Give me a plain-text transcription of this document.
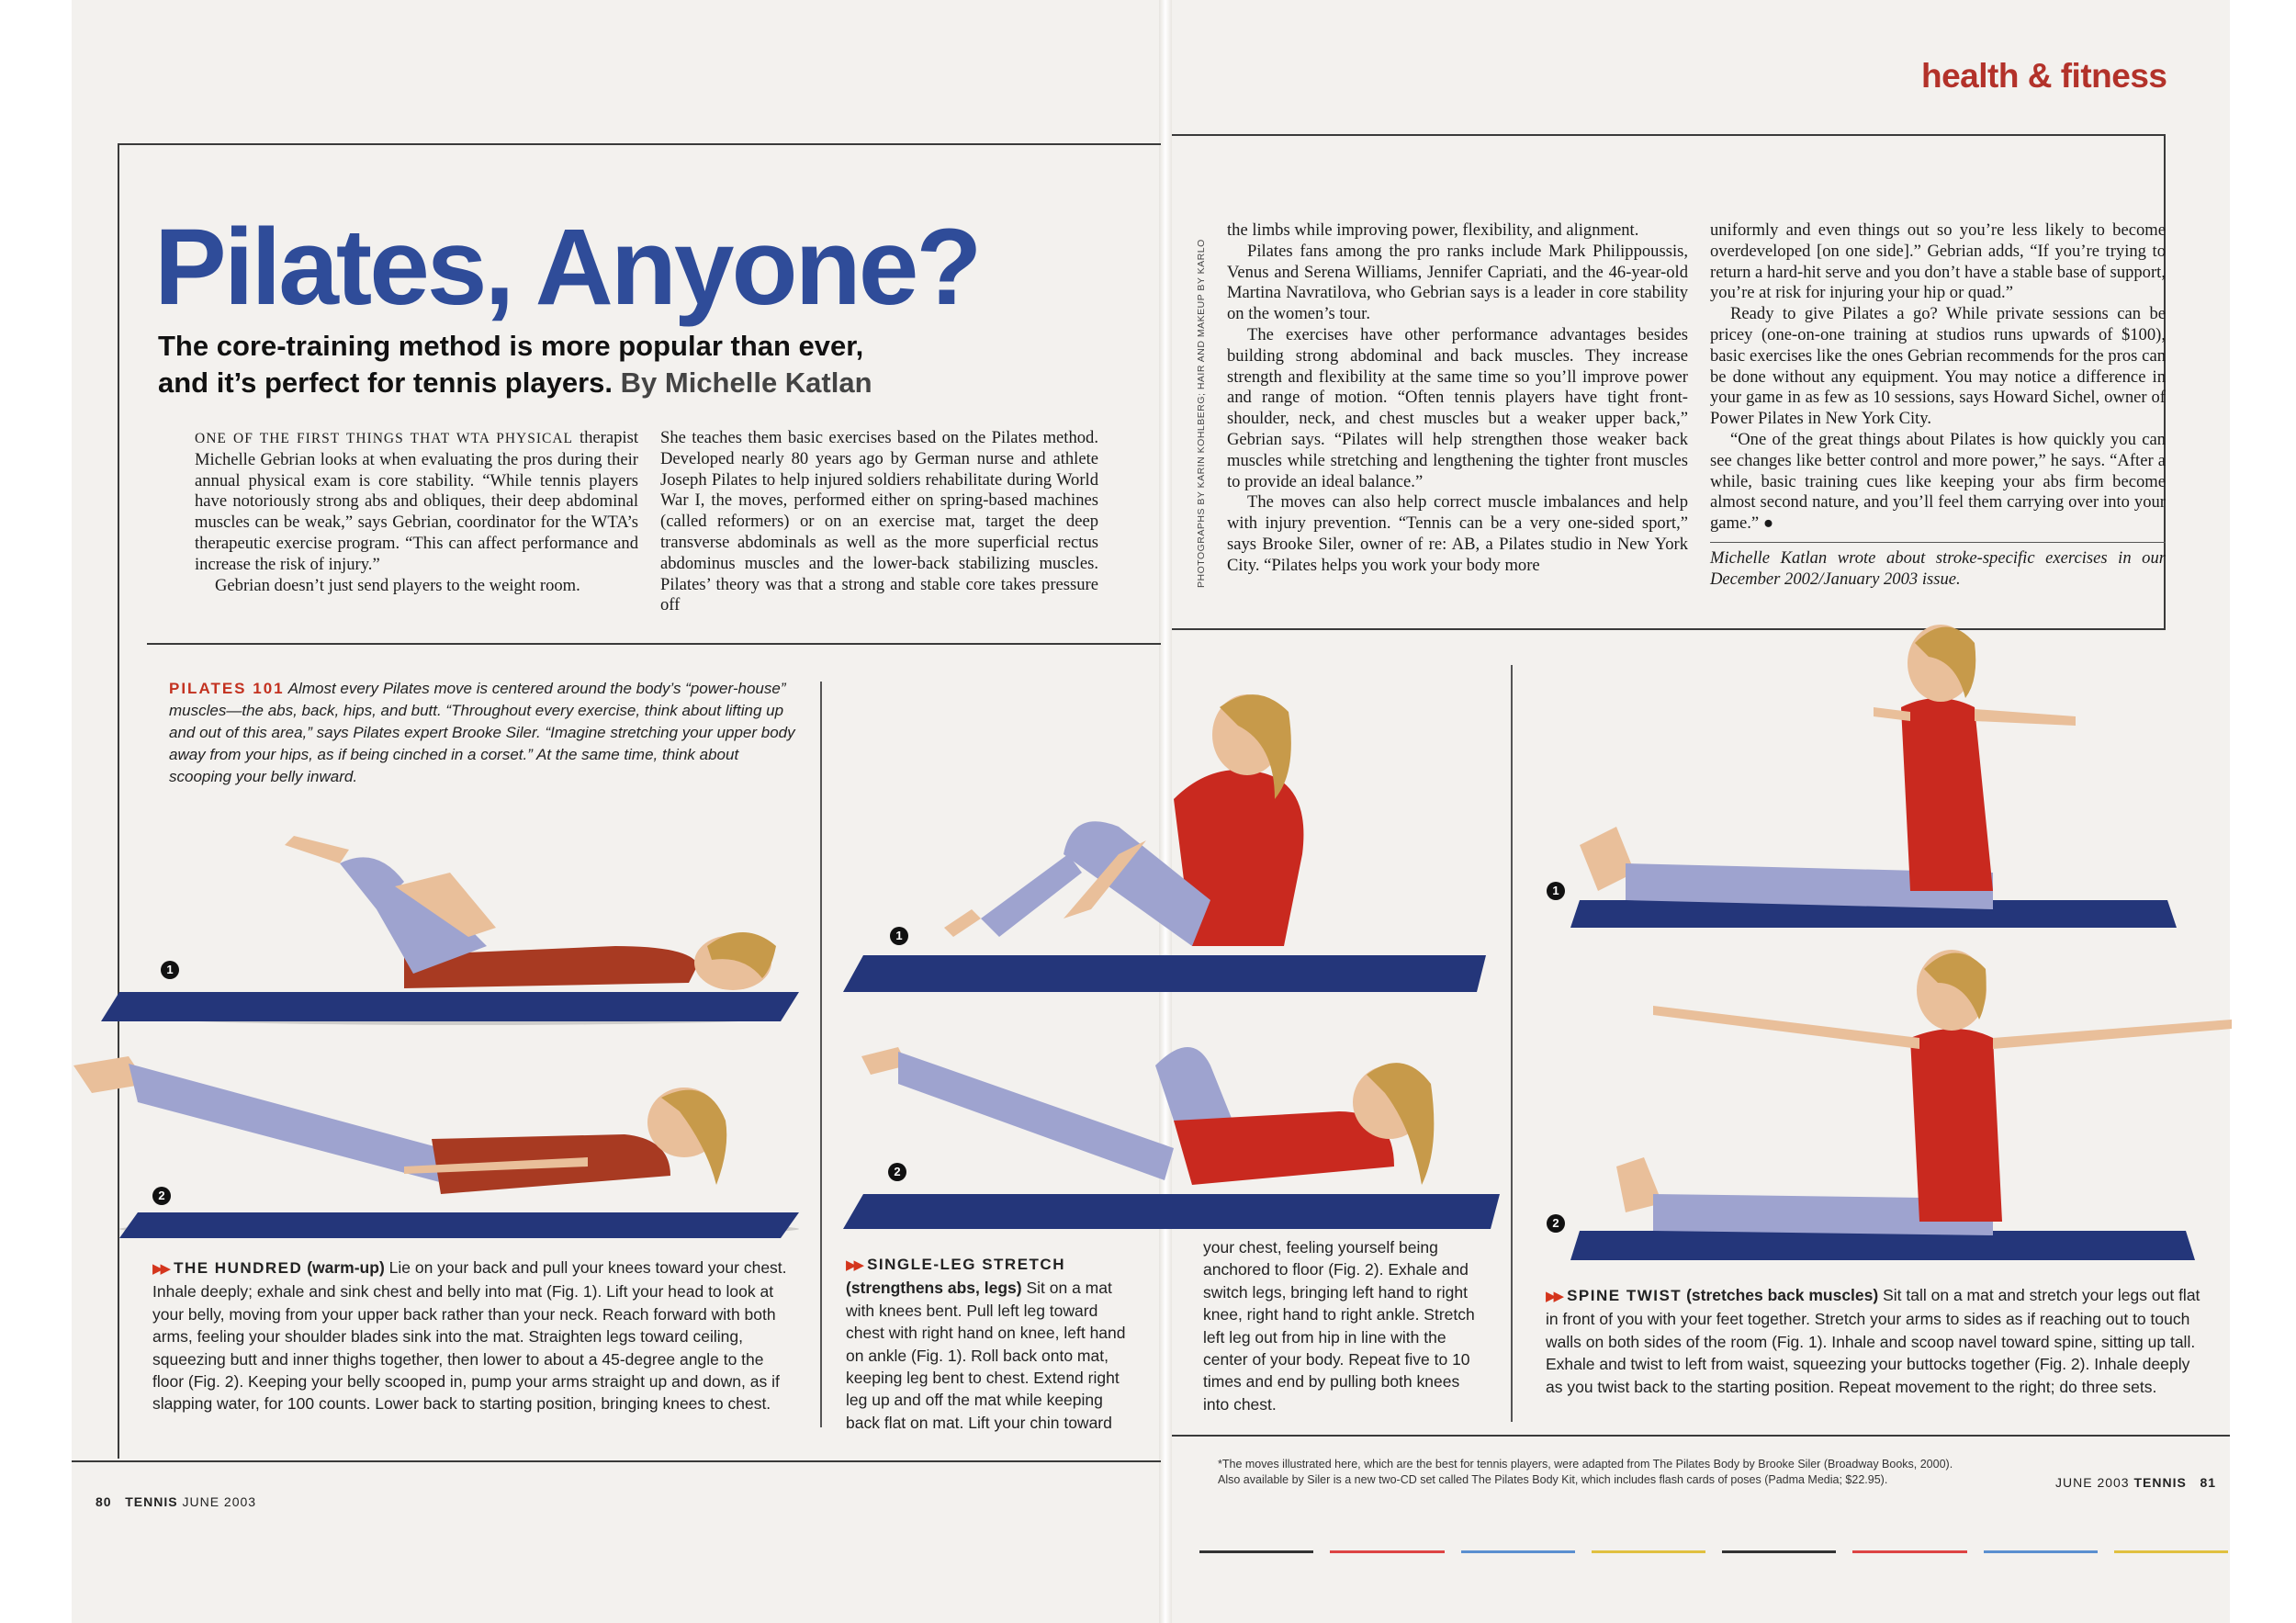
health & fitness
Pilates, Anyone?
The core-training method is more popular than ever,
and it’s perfect for tennis players. By Michelle Katlan

ONE OF THE FIRST THINGS THAT WTA PHYSICAL therapist Michelle Gebrian looks at when evaluating the pros during their annual physical exam is core stability. “While tennis players have notoriously strong abs and obliques, their deep abdominal muscles can be weak,” says Gebrian, coordinator for the WTA’s therapeutic exercise program. “This can affect performance and increase the risk of injury.”

Gebrian doesn’t just send players to the weight room.

She teaches them basic exercises based on the Pilates method. Developed nearly 80 years ago by German nurse and athlete Joseph Pilates to help injured soldiers rehabilitate during World War I, the moves, performed either on spring-based machines (called reformers) or on an exercise mat, target the deep transverse abdominals as well as the more superficial rectus abdominus muscles and the lower-back stabilizing muscles. Pilates’ theory was that a strong and stable core takes pressure off

PHOTOGRAPHS BY KARIN KOHLBERG; HAIR AND MAKEUP BY KARLO

the limbs while improving power, flexibility, and alignment.

Pilates fans among the pro ranks include Mark Philippoussis, Venus and Serena Williams, Jennifer Capriati, and the 46-year-old Martina Navratilova, who Gebrian says is a leader in core stability on the women’s tour.

The exercises have other performance advantages besides building strong abdominal and back muscles. They increase strength and flexibility at the same time so you’ll improve power and range of motion. “Often tennis players have tight front-shoulder, neck, and chest muscles but a weaker upper back,” Gebrian says. “Pilates will help strengthen those weaker back muscles while stretching and lengthening the tighter front muscles to provide an ideal balance.”

The moves can also help correct muscle imbalances and help with injury prevention. “Tennis can be a very one-sided sport,” says Brooke Siler, owner of re: AB, a Pilates studio in New York City. “Pilates helps you work your body more

uniformly and even things out so you’re less likely to become overdeveloped [on one side].” Gebrian adds, “If you’re trying to return a hard-hit serve and you don’t have a stable base of support, you’re at risk for injuring your hip or quad.”

Ready to give Pilates a go? While private sessions can be pricey (one-on-one training at studios runs upwards of $100), basic exercises like the ones Gebrian recommends for the pros can be done without any equipment. You may notice a difference in your game in as few as 10 sessions, says Howard Sichel, owner of Power Pilates in New York City.

“One of the great things about Pilates is how quickly you can see changes like better control and more power,” he says. “After a while, basic training cues like keeping your abs firm become almost second nature, and you’ll feel them carrying over into your game.” ●

Michelle Katlan wrote about stroke-specific exercises in our December 2002/January 2003 issue.
PILATES 101 Almost every Pilates move is centered around the body’s “power-house” muscles—the abs, back, hips, and butt. “Throughout every exercise, think about lifting up and out of this area,” says Pilates expert Brooke Siler. “Imagine stretching your upper body away from your hips, as if being cinched in a corset.” At the same time, think about scooping your belly inward.
1
2
1
2
1
2
▶▶ THE HUNDRED (warm-up) Lie on your back and pull your knees toward your chest. Inhale deeply; exhale and sink chest and belly into mat (Fig. 1). Lift your head to look at your belly, moving from your upper back rather than your neck. Reach forward with both arms, feeling your shoulder blades sink into the mat. Straighten legs toward ceiling, squeezing butt and inner thighs together, then lower to about a 45-degree angle to the floor (Fig. 2). Keeping your belly scooped in, pump your arms straight up and down, as if slapping water, for 100 counts. Lower back to starting position, bringing knees to chest.
▶▶ SINGLE-LEG STRETCH
(strengthens abs, legs) Sit on a mat with knees bent. Pull left leg toward chest with right hand on knee, left hand on ankle (Fig. 1). Roll back onto mat, keeping leg bent to chest. Extend right leg up and off the mat while keeping back flat on mat. Lift your chin toward
your chest, feeling yourself being anchored to floor (Fig. 2). Exhale and switch legs, bringing left hand to right knee, right hand to right ankle. Stretch left leg out from hip in line with the center of your body. Repeat five to 10 times and end by pulling both knees into chest.
▶▶ SPINE TWIST (stretches back muscles) Sit tall on a mat and stretch your legs out flat in front of you with your feet together. Stretch your arms to sides as if reaching out to touch walls on both sides of the room (Fig. 1). Inhale and scoop navel toward spine, sitting up tall. Exhale and twist to left from waist, squeezing your buttocks together (Fig. 2). Inhale deeply as you twist back to the starting position. Repeat movement to the right; do three sets.
*The moves illustrated here, which are the best for tennis players, were adapted from The Pilates Body by Brooke Siler (Broadway Books, 2000).
Also available by Siler is a new two-CD set called The Pilates Body Kit, which includes flash cards of poses (Padma Media; $22.95).
80 TENNIS JUNE 2003
JUNE 2003 TENNIS 81
